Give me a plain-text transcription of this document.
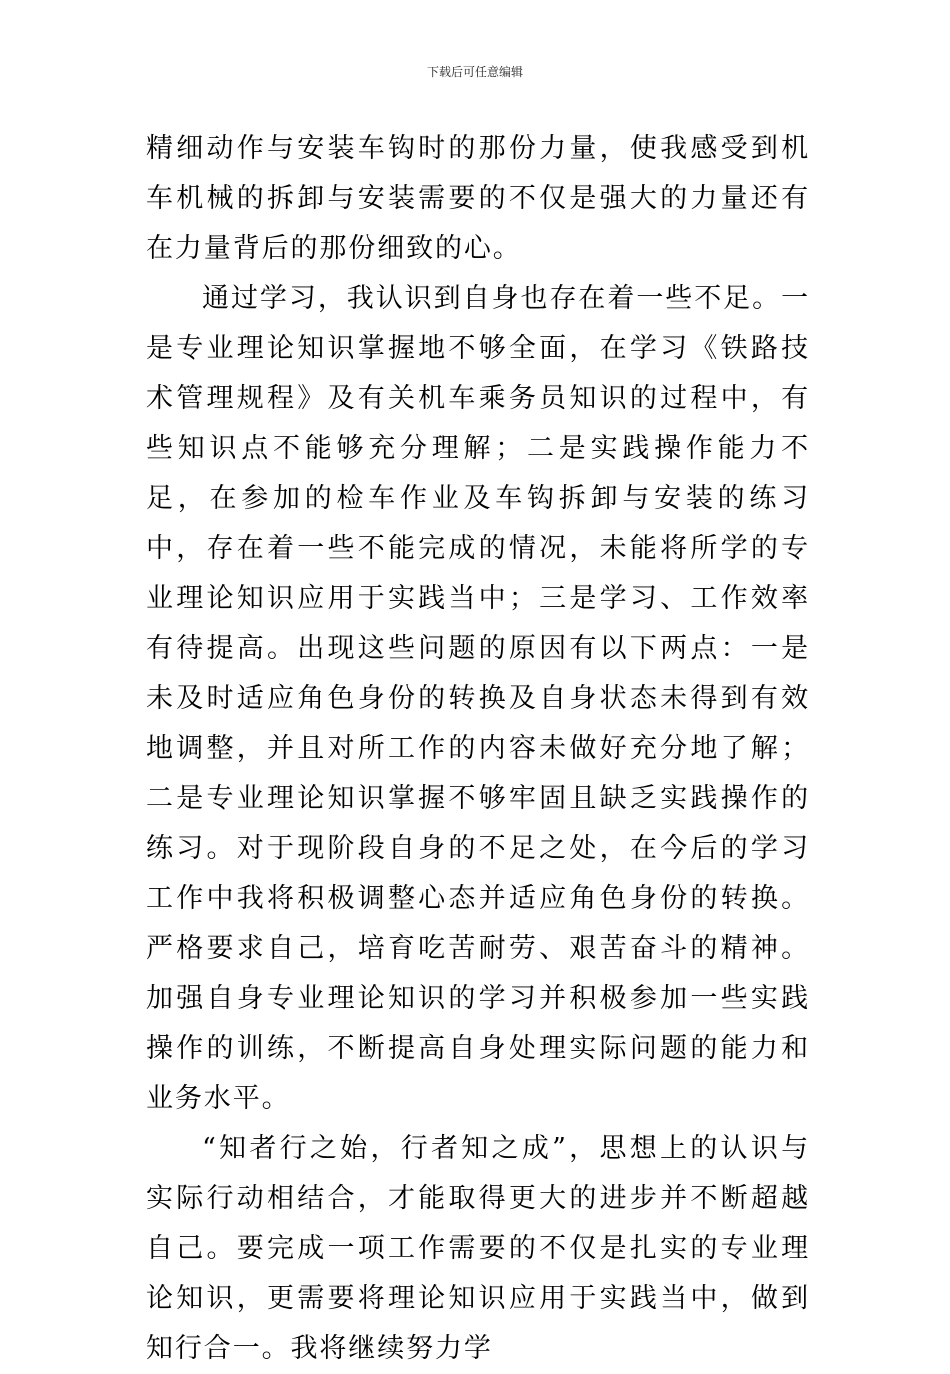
下载后可任意编辑

精细动作与安装车钩时的那份力量，使我感受到机车机械的拆卸与安装需要的不仅是强大的力量还有在力量背后的那份细致的心。

通过学习，我认识到自身也存在着一些不足。一是专业理论知识掌握地不够全面，在学习《铁路技术管理规程》及有关机车乘务员知识的过程中，有些知识点不能够充分理解；二是实践操作能力不足，在参加的检车作业及车钩拆卸与安装的练习中，存在着一些不能完成的情况，未能将所学的专业理论知识应用于实践当中；三是学习、工作效率有待提高。出现这些问题的原因有以下两点：一是未及时适应角色身份的转换及自身状态未得到有效地调整，并且对所工作的内容未做好充分地了解；二是专业理论知识掌握不够牢固且缺乏实践操作的练习。对于现阶段自身的不足之处，在今后的学习工作中我将积极调整心态并适应角色身份的转换。严格要求自己，培育吃苦耐劳、艰苦奋斗的精神。加强自身专业理论知识的学习并积极参加一些实践操作的训练，不断提高自身处理实际问题的能力和业务水平。

“知者行之始，行者知之成”，思想上的认识与实际行动相结合，才能取得更大的进步并不断超越自己。要完成一项工作需要的不仅是扎实的专业理论知识，更需要将理论知识应用于实践当中，做到知行合一。我将继续努力学
